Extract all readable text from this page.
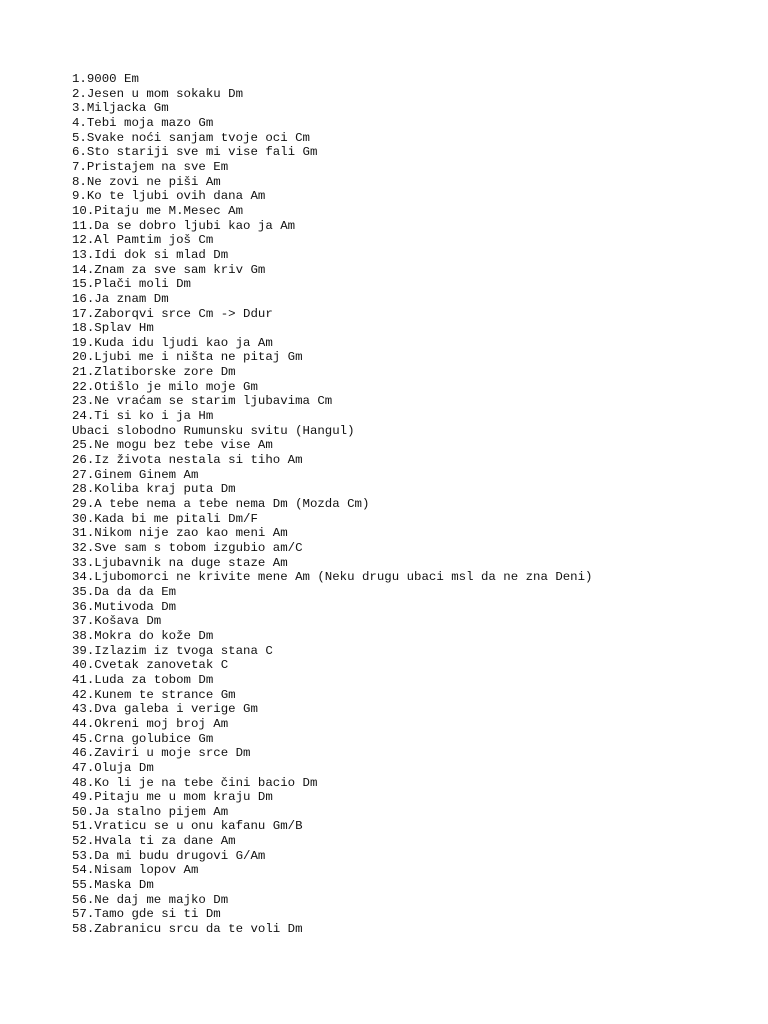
1.9000 Em
2.Jesen u mom sokaku Dm
3.Miljacka Gm
4.Tebi moja mazo Gm
5.Svake noći sanjam tvoje oci Cm
6.Sto stariji sve mi vise fali Gm
7.Pristajem na sve Em
8.Ne zovi ne piši Am
9.Ko te ljubi ovih dana Am
10.Pitaju me M.Mesec Am
11.Da se dobro ljubi kao ja Am
12.Al Pamtim još Cm
13.Idi dok si mlad Dm
14.Znam za sve sam kriv Gm
15.Plači moli Dm
16.Ja znam Dm
17.Zaborqvi srce Cm -> Ddur
18.Splav Hm
19.Kuda idu ljudi kao ja Am
20.Ljubi me i ništa ne pitaj Gm
21.Zlatiborske zore Dm
22.Otišlo je milo moje Gm
23.Ne vraćam se starim ljubavima Cm
24.Ti si ko i ja Hm
Ubaci slobodno Rumunsku svitu (Hangul)
25.Ne mogu bez tebe vise Am
26.Iz života nestala si tiho Am
27.Ginem Ginem Am
28.Koliba kraj puta Dm
29.A tebe nema a tebe nema Dm (Mozda Cm)
30.Kada bi me pitali Dm/F
31.Nikom nije zao kao meni Am
32.Sve sam s tobom izgubio am/C
33.Ljubavnik na duge staze Am
34.Ljubomorci ne krivite mene Am (Neku drugu ubaci msl da ne zna Deni)
35.Da da da Em
36.Mutivoda Dm
37.Košava Dm
38.Mokra do kože Dm
39.Izlazim iz tvoga stana C
40.Cvetak zanovetak C
41.Luda za tobom Dm
42.Kunem te strance Gm
43.Dva galeba i verige Gm
44.Okreni moj broj Am
45.Crna golubice Gm
46.Zaviri u moje srce Dm
47.Oluja Dm
48.Ko li je na tebe čini bacio Dm
49.Pitaju me u mom kraju Dm
50.Ja stalno pijem Am
51.Vraticu se u onu kafanu Gm/B
52.Hvala ti za dane Am
53.Da mi budu drugovi G/Am
54.Nisam lopov Am
55.Maska Dm
56.Ne daj me majko Dm
57.Tamo gde si ti Dm
58.Zabranicu srcu da te voli Dm
